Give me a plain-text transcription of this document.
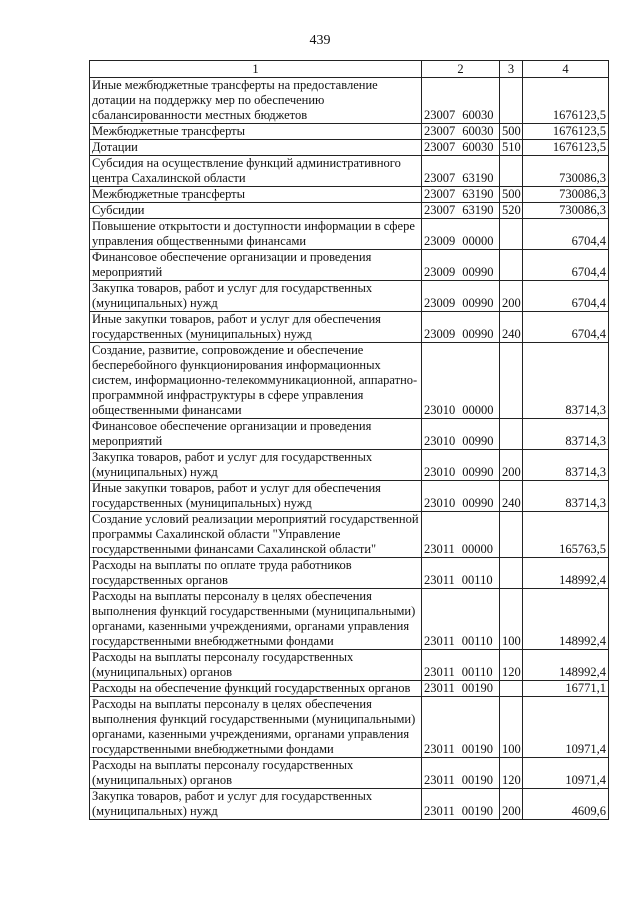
439
1	2	3	4
Иные межбюджетные трансферты на предоставление дотации на поддержку мер по обеспечению сбалансированности местных бюджетов	23007 60030		1676123,5
Межбюджетные трансферты	23007 60030	500	1676123,5
Дотации	23007 60030	510	1676123,5
Субсидия на осуществление функций административного центра Сахалинской области	23007 63190		730086,3
Межбюджетные трансферты	23007 63190	500	730086,3
Субсидии	23007 63190	520	730086,3
Повышение открытости и доступности информации в сфере управления общественными финансами	23009 00000		6704,4
Финансовое обеспечение организации и проведения мероприятий	23009 00990		6704,4
Закупка товаров, работ и услуг для государственных (муниципальных) нужд	23009 00990	200	6704,4
Иные закупки товаров, работ и услуг для обеспечения государственных (муниципальных) нужд	23009 00990	240	6704,4
Создание, развитие, сопровождение и обеспечение бесперебойного функционирования информационных систем, информационно-телекоммуникационной, аппаратно-программной инфраструктуры в сфере управления общественными финансами	23010 00000		83714,3
Финансовое обеспечение организации и проведения мероприятий	23010 00990		83714,3
Закупка товаров, работ и услуг для государственных (муниципальных) нужд	23010 00990	200	83714,3
Иные закупки товаров, работ и услуг для обеспечения государственных (муниципальных) нужд	23010 00990	240	83714,3
Создание условий реализации мероприятий государственной программы Сахалинской области "Управление государственными финансами Сахалинской области"	23011 00000		165763,5
Расходы на выплаты по оплате труда работников государственных органов	23011 00110		148992,4
Расходы на выплаты персоналу в целях обеспечения выполнения функций государственными (муниципальными) органами, казенными учреждениями, органами управления государственными внебюджетными фондами	23011 00110	100	148992,4
Расходы на выплаты персоналу государственных (муниципальных) органов	23011 00110	120	148992,4
Расходы на обеспечение функций государственных органов	23011 00190		16771,1
Расходы на выплаты персоналу в целях обеспечения выполнения функций государственными (муниципальными) органами, казенными учреждениями, органами управления государственными внебюджетными фондами	23011 00190	100	10971,4
Расходы на выплаты персоналу государственных (муниципальных) органов	23011 00190	120	10971,4
Закупка товаров, работ и услуг для государственных (муниципальных) нужд	23011 00190	200	4609,6
